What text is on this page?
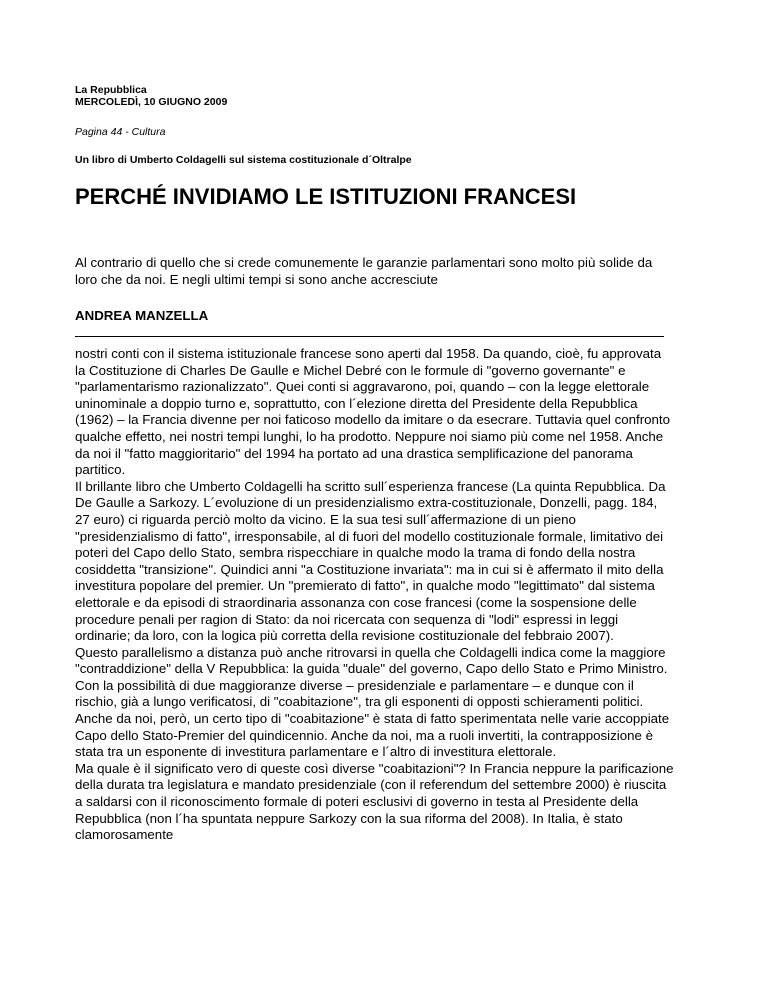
La Repubblica
MERCOLEDÌ, 10 GIUGNO 2009
Pagina 44 - Cultura
Un libro di Umberto Coldagelli sul sistema costituzionale d´Oltralpe
PERCHÉ INVIDIAMO LE ISTITUZIONI FRANCESI
Al contrario di quello che si crede comunemente le garanzie parlamentari sono molto più solide da loro che da noi. E negli ultimi tempi si sono anche accresciute
ANDREA MANZELLA

nostri conti con il sistema istituzionale francese sono aperti dal 1958. Da quando, cioè, fu approvata la Costituzione di Charles De Gaulle e Michel Debré con le formule di "governo governante" e "parlamentarismo razionalizzato". Quei conti si aggravarono, poi, quando – con la legge elettorale uninominale a doppio turno e, soprattutto, con l´elezione diretta del Presidente della Repubblica (1962) – la Francia divenne per noi faticoso modello da imitare o da esecrare. Tuttavia quel confronto qualche effetto, nei nostri tempi lunghi, lo ha prodotto. Neppure noi siamo più come nel 1958. Anche da noi il "fatto maggioritario" del 1994 ha portato ad una drastica semplificazione del panorama partitico.

Il brillante libro che Umberto Coldagelli ha scritto sull´esperienza francese (La quinta Repubblica. Da De Gaulle a Sarkozy. L´evoluzione di un presidenzialismo extra-costituzionale, Donzelli, pagg. 184, 27 euro) ci riguarda perciò molto da vicino. E la sua tesi sull´affermazione di un pieno "presidenzialismo di fatto", irresponsabile, al di fuori del modello costituzionale formale, limitativo dei poteri del Capo dello Stato, sembra rispecchiare in qualche modo la trama di fondo della nostra cosiddetta "transizione". Quindici anni "a Costituzione invariata": ma in cui si è affermato il mito della investitura popolare del premier. Un "premierato di fatto", in qualche modo "legittimato" dal sistema elettorale e da episodi di straordinaria assonanza con cose francesi (come la sospensione delle procedure penali per ragion di Stato: da noi ricercata con sequenza di "lodi" espressi in leggi ordinarie; da loro, con la logica più corretta della revisione costituzionale del febbraio 2007).

Questo parallelismo a distanza può anche ritrovarsi in quella che Coldagelli indica come la maggiore "contraddizione" della V Repubblica: la guida "duale" del governo, Capo dello Stato e Primo Ministro. Con la possibilità di due maggioranze diverse – presidenziale e parlamentare – e dunque con il rischio, già a lungo verificatosi, di "coabitazione", tra gli esponenti di opposti schieramenti politici. Anche da noi, però, un certo tipo di "coabitazione" è stata di fatto sperimentata nelle varie accoppiate Capo dello Stato-Premier del quindicennio. Anche da noi, ma a ruoli invertiti, la contrapposizione è stata tra un esponente di investitura parlamentare e l´altro di investitura elettorale.

Ma quale è il significato vero di queste così diverse "coabitazioni"? In Francia neppure la parificazione della durata tra legislatura e mandato presidenziale (con il referendum del settembre 2000) è riuscita a saldarsi con il riconoscimento formale di poteri esclusivi di governo in testa al Presidente della Repubblica (non l´ha spuntata neppure Sarkozy con la sua riforma del 2008). In Italia, è stato clamorosamente
